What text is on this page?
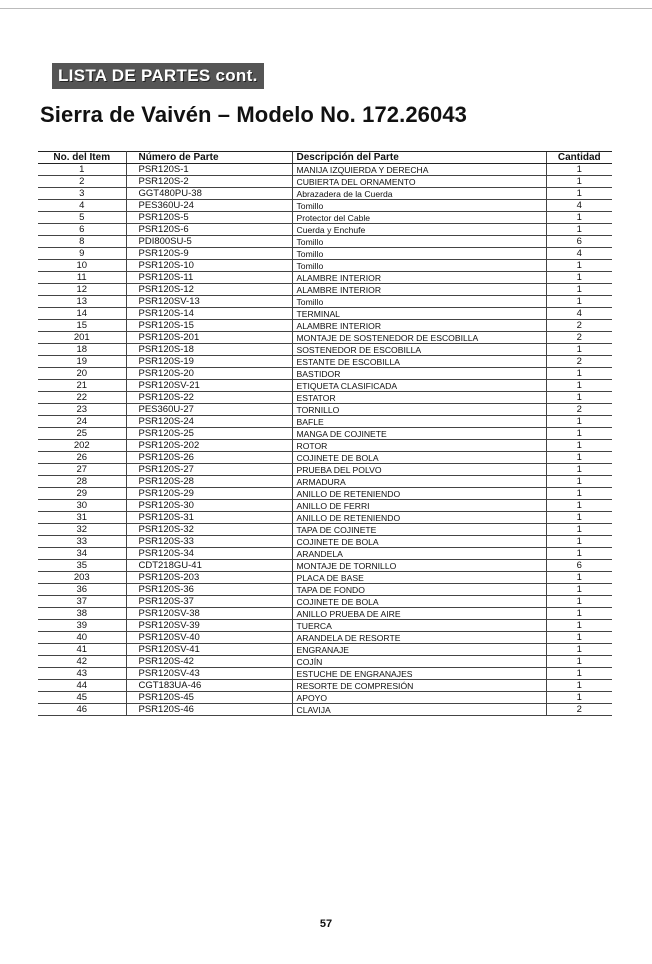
LISTA DE PARTES cont.
Sierra de Vaivén – Modelo No. 172.26043
No. del Item	Número de Parte	Descripción del Parte	Cantidad
1	PSR120S-1	MANIJA IZQUIERDA Y DERECHA	1
2	PSR120S-2	CUBIERTA DEL ORNAMENTO	1
3	GGT480PU-38	Abrazadera de la Cuerda	1
4	PES360U-24	Tomillo	4
5	PSR120S-5	Protector del Cable	1
6	PSR120S-6	Cuerda y Enchufe	1
8	PDI800SU-5	Tomillo	6
9	PSR120S-9	Tomillo	4
10	PSR120S-10	Tomillo	1
11	PSR120S-11	ALAMBRE INTERIOR	1
12	PSR120S-12	ALAMBRE INTERIOR	1
13	PSR120SV-13	Tomillo	1
14	PSR120S-14	TERMINAL	4
15	PSR120S-15	ALAMBRE INTERIOR	2
201	PSR120S-201	MONTAJE DE SOSTENEDOR DE ESCOBILLA	2
18	PSR120S-18	SOSTENEDOR DE ESCOBILLA	1
19	PSR120S-19	ESTANTE DE ESCOBILLA	2
20	PSR120S-20	BASTIDOR	1
21	PSR120SV-21	ETIQUETA CLASIFICADA	1
22	PSR120S-22	ESTATOR	1
23	PES360U-27	TORNILLO	2
24	PSR120S-24	BAFLE	1
25	PSR120S-25	MANGA DE COJINETE	1
202	PSR120S-202	ROTOR	1
26	PSR120S-26	COJINETE DE BOLA	1
27	PSR120S-27	PRUEBA DEL POLVO	1
28	PSR120S-28	ARMADURA	1
29	PSR120S-29	ANILLO DE RETENIENDO	1
30	PSR120S-30	ANILLO DE FERRI	1
31	PSR120S-31	ANILLO DE RETENIENDO	1
32	PSR120S-32	TAPA DE COJINETE	1
33	PSR120S-33	COJINETE DE BOLA	1
34	PSR120S-34	ARANDELA	1
35	CDT218GU-41	MONTAJE DE TORNILLO	6
203	PSR120S-203	PLACA DE BASE	1
36	PSR120S-36	TAPA DE FONDO	1
37	PSR120S-37	COJINETE DE BOLA	1
38	PSR120SV-38	ANILLO PRUEBA DE AIRE	1
39	PSR120SV-39	TUERCA	1
40	PSR120SV-40	ARANDELA DE RESORTE	1
41	PSR120SV-41	ENGRANAJE	1
42	PSR120S-42	COJÍN	1
43	PSR120SV-43	ESTUCHE DE ENGRANAJES	1
44	CGT183UA-46	RESORTE DE COMPRESIÓN	1
45	PSR120S-45	APOYO	1
46	PSR120S-46	CLAVIJA	2
57
